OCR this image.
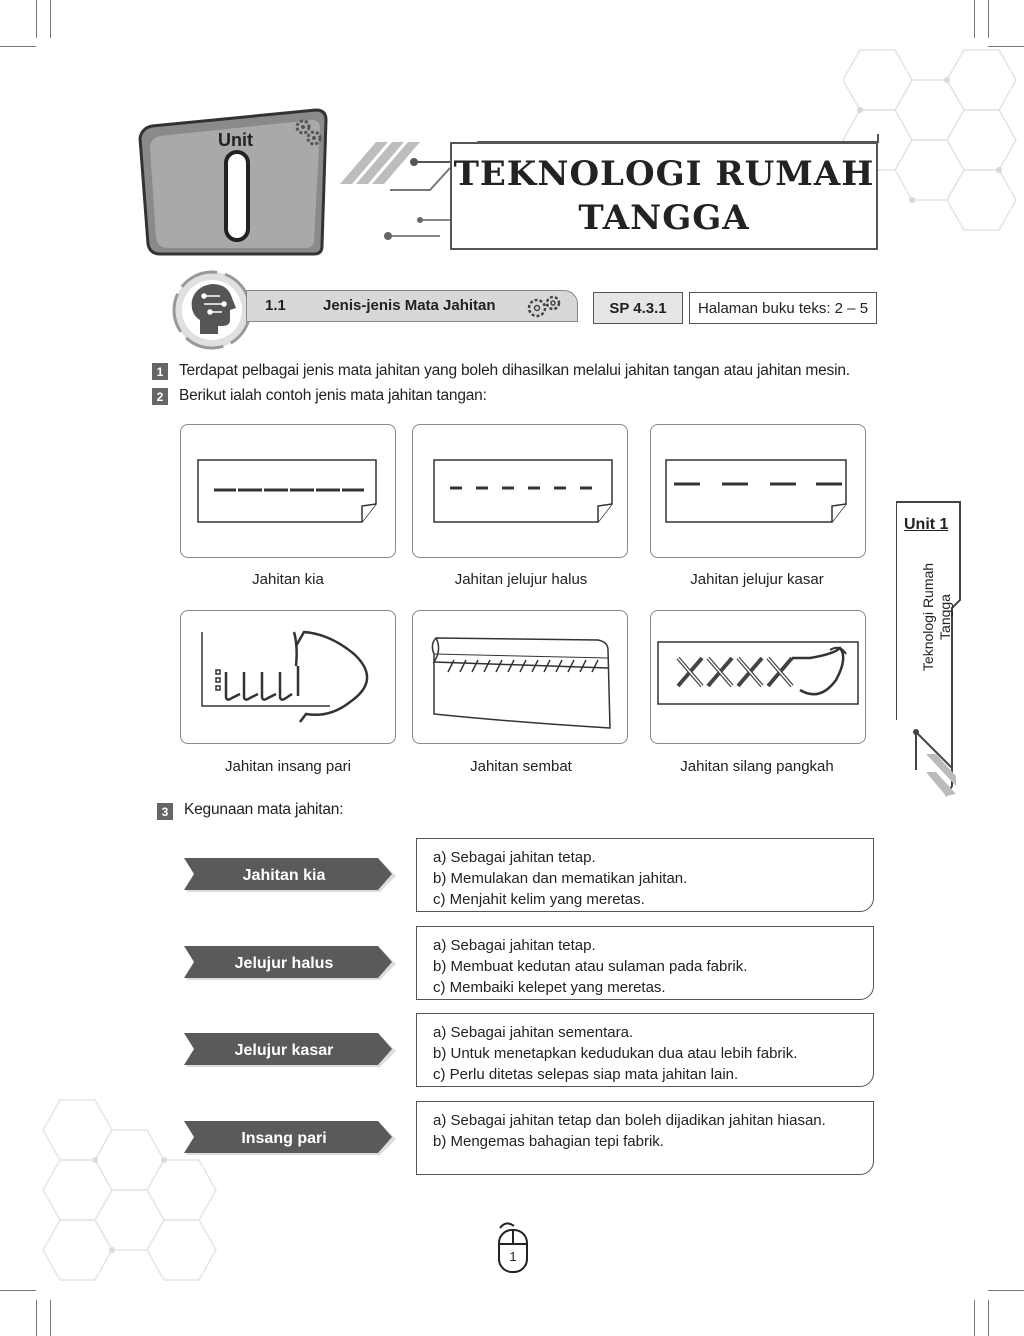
Unit
TEKNOLOGI RUMAH
TANGGA
1.1 Jenis-jenis Mata Jahitan	SP 4.3.1	Halaman buku teks: 2 – 5
1	Terdapat pelbagai jenis mata jahitan yang boleh dihasilkan melalui jahitan tangan atau jahitan mesin.
2	Berikut ialah contoh jenis mata jahitan tangan:
Jahitan kia	Jahitan jelujur halus	Jahitan jelujur kasar
Jahitan insang pari	Jahitan sembat	Jahitan silang pangkah
3	Kegunaan mata jahitan:
Jahitan kia
a) Sebagai jahitan tetap.
b) Memulakan dan mematikan jahitan.
c) Menjahit kelim yang meretas.
Jelujur halus
a) Sebagai jahitan tetap.
b) Membuat kedutan atau sulaman pada fabrik.
c) Membaiki kelepet yang meretas.
Jelujur kasar
a) Sebagai jahitan sementara.
b) Untuk menetapkan kedudukan dua atau lebih fabrik.
c) Perlu ditetas selepas siap mata jahitan lain.
Insang pari
a) Sebagai jahitan tetap dan boleh dijadikan jahitan hiasan.
b) Mengemas bahagian tepi fabrik.
Unit 1
Teknologi Rumah Tangga
1
